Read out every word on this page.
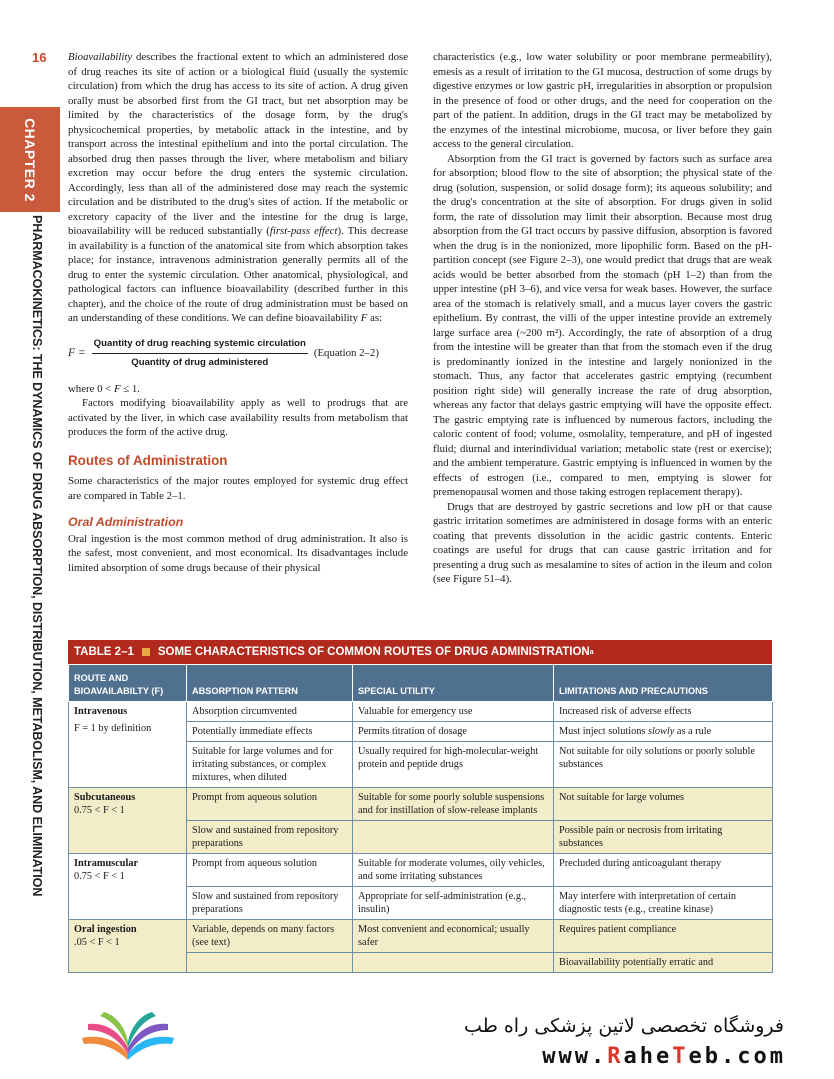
16
CHAPTER 2
PHARMACOKINETICS: THE DYNAMICS OF DRUG ABSORPTION, DISTRIBUTION, METABOLISM, AND ELIMINATION

Bioavailability describes the fractional extent to which an administered dose of drug reaches its site of action or a biological fluid (usually the systemic circulation) from which the drug has access to its site of action. A drug given orally must be absorbed first from the GI tract, but net absorption may be limited by the characteristics of the dosage form, by the drug's physicochemical properties, by metabolic attack in the intestine, and by transport across the intestinal epithelium and into the portal circulation. The absorbed drug then passes through the liver, where metabolism and biliary excretion may occur before the drug enters the systemic circulation. Accordingly, less than all of the administered dose may reach the systemic circulation and be distributed to the drug's sites of action. If the metabolic or excretory capacity of the liver and the intestine for the drug is large, bioavailability will be reduced substantially (first-pass effect). This decrease in availability is a function of the anatomical site from which absorption takes place; for instance, intravenous administration generally permits all of the drug to enter the systemic circulation. Other anatomical, physiological, and pathological factors can influence bioavailability (described further in this chapter), and the choice of the route of drug administration must be based on an understanding of these conditions. We can define bioavailability F as:

$F = \frac{\text{Quantity of drug reaching systemic circulation}}{\text{Quantity of drug administered}}$ (Equation 2–2)

where 0 < F ≤ 1.

Factors modifying bioavailability apply as well to prodrugs that are activated by the liver, in which case availability results from metabolism that produces the form of the active drug.

Routes of Administration

Some characteristics of the major routes employed for systemic drug effect are compared in Table 2–1.

Oral Administration

Oral ingestion is the most common method of drug administration. It also is the safest, most convenient, and most economical. Its disadvantages include limited absorption of some drugs because of their physical

characteristics (e.g., low water solubility or poor membrane permeability), emesis as a result of irritation to the GI mucosa, destruction of some drugs by digestive enzymes or low gastric pH, irregularities in absorption or propulsion in the presence of food or other drugs, and the need for cooperation on the part of the patient. In addition, drugs in the GI tract may be metabolized by the enzymes of the intestinal microbiome, mucosa, or liver before they gain access to the general circulation.

Absorption from the GI tract is governed by factors such as surface area for absorption; blood flow to the site of absorption; the physical state of the drug (solution, suspension, or solid dosage form); its aqueous solubility; and the drug's concentration at the site of absorption. For drugs given in solid form, the rate of dissolution may limit their absorption. Because most drug absorption from the GI tract occurs by passive diffusion, absorption is favored when the drug is in the nonionized, more lipophilic form. Based on the pH-partition concept (see Figure 2–3), one would predict that drugs that are weak acids would be better absorbed from the stomach (pH 1–2) than from the upper intestine (pH 3–6), and vice versa for weak bases. However, the surface area of the stomach is relatively small, and a mucus layer covers the gastric epithelium. By contrast, the villi of the upper intestine provide an extremely large surface area (~200 m²). Accordingly, the rate of absorption of a drug from the intestine will be greater than that from the stomach even if the drug is predominantly ionized in the intestine and largely nonionized in the stomach. Thus, any factor that accelerates gastric emptying (recumbent position right side) will generally increase the rate of drug absorption, whereas any factor that delays gastric emptying will have the opposite effect. The gastric emptying rate is influenced by numerous factors, including the caloric content of food; volume, osmolality, temperature, and pH of ingested fluid; diurnal and interindividual variation; metabolic state (rest or exercise); and the ambient temperature. Gastric emptying is influenced in women by the effects of estrogen (i.e., compared to men, emptying is slower for premenopausal women and those taking estrogen replacement therapy).

Drugs that are destroyed by gastric secretions and low pH or that cause gastric irritation sometimes are administered in dosage forms with an enteric coating that prevents dissolution in the acidic gastric contents. Enteric coatings are useful for drugs that can cause gastric irritation and for presenting a drug such as mesalamine to sites of action in the ileum and colon (see Figure 51–4).

TABLE 2–1 SOME CHARACTERISTICS OF COMMON ROUTES OF DRUG ADMINISTRATION a
ROUTE AND BIOAVAILABILTY (F)	ABSORPTION PATTERN	SPECIAL UTILITY	LIMITATIONS AND PRECAUTIONS

Intravenous
F = 1 by definition	Absorption circumvented	Valuable for emergency use	Increased risk of adverse effects
	Potentially immediate effects	Permits titration of dosage	Must inject solutions slowly as a rule
	Suitable for large volumes and for irritating substances, or complex mixtures, when diluted	Usually required for high-molecular-weight protein and peptide drugs	Not suitable for oily solutions or poorly soluble substances

Subcutaneous
0.75 < F < 1	Prompt from aqueous solution	Suitable for some poorly soluble suspensions and for instillation of slow-release implants	Not suitable for large volumes
	Slow and sustained from repository preparations		Possible pain or necrosis from irritating substances

Intramuscular
0.75 < F < 1	Prompt from aqueous solution	Suitable for moderate volumes, oily vehicles, and some irritating substances	Precluded during anticoagulant therapy
	Slow and sustained from repository preparations	Appropriate for self-administration (e.g., insulin)	May interfere with interpretation of certain diagnostic tests (e.g., creatine kinase)

Oral ingestion
.05 < F < 1	Variable, depends on many factors (see text)	Most convenient and economical; usually safer	Requires patient compliance
			Bioavailability potentially erratic and
فروشگاه تخصصی لاتین پزشکی راه طب
www.RaheTeb.com
